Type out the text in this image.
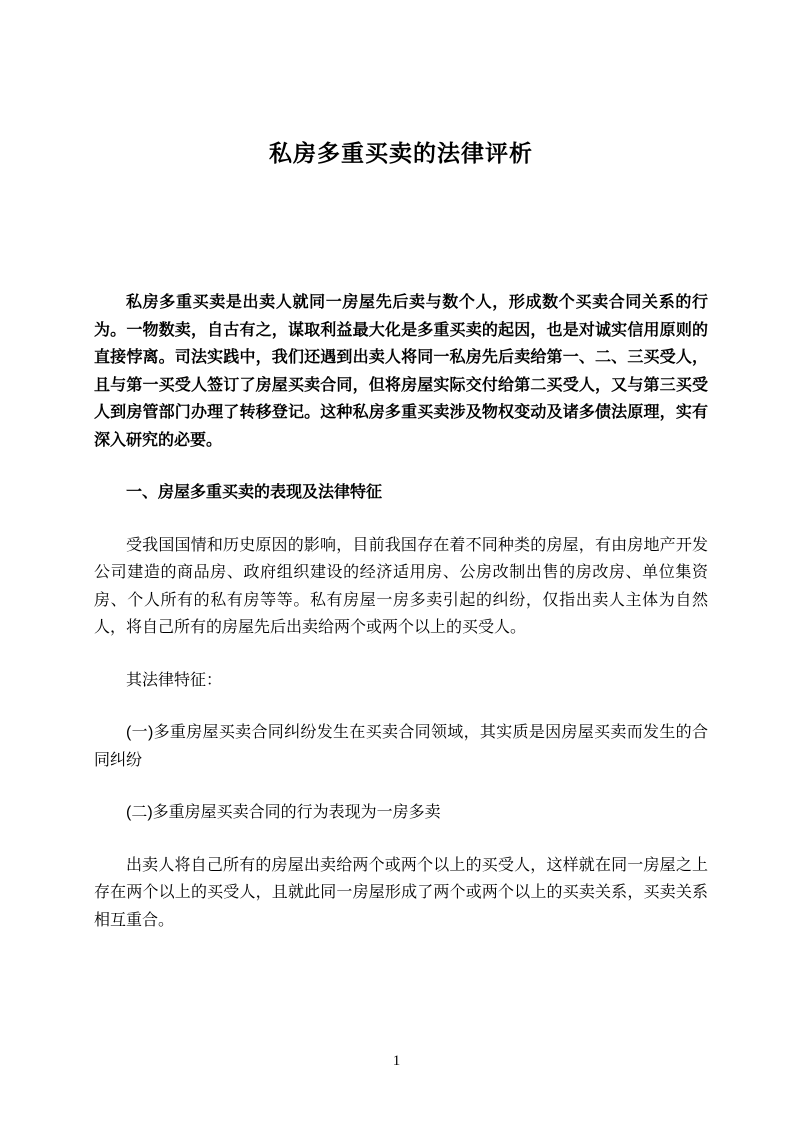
私房多重买卖的法律评析

私房多重买卖是出卖人就同一房屋先后卖与数个人，形成数个买卖合同关系的行为。一物数卖，自古有之，谋取利益最大化是多重买卖的起因，也是对诚实信用原则的直接悖离。司法实践中，我们还遇到出卖人将同一私房先后卖给第一、二、三买受人，且与第一买受人签订了房屋买卖合同，但将房屋实际交付给第二买受人，又与第三买受人到房管部门办理了转移登记。这种私房多重买卖涉及物权变动及诸多债法原理，实有深入研究的必要。

一、房屋多重买卖的表现及法律特征

受我国国情和历史原因的影响，目前我国存在着不同种类的房屋，有由房地产开发公司建造的商品房、政府组织建设的经济适用房、公房改制出售的房改房、单位集资房、个人所有的私有房等等。私有房屋一房多卖引起的纠纷，仅指出卖人主体为自然人，将自己所有的房屋先后出卖给两个或两个以上的买受人。

其法律特征：

(一)多重房屋买卖合同纠纷发生在买卖合同领域，其实质是因房屋买卖而发生的合同纠纷

(二)多重房屋买卖合同的行为表现为一房多卖

出卖人将自己所有的房屋出卖给两个或两个以上的买受人，这样就在同一房屋之上存在两个以上的买受人，且就此同一房屋形成了两个或两个以上的买卖关系，买卖关系相互重合。

1
